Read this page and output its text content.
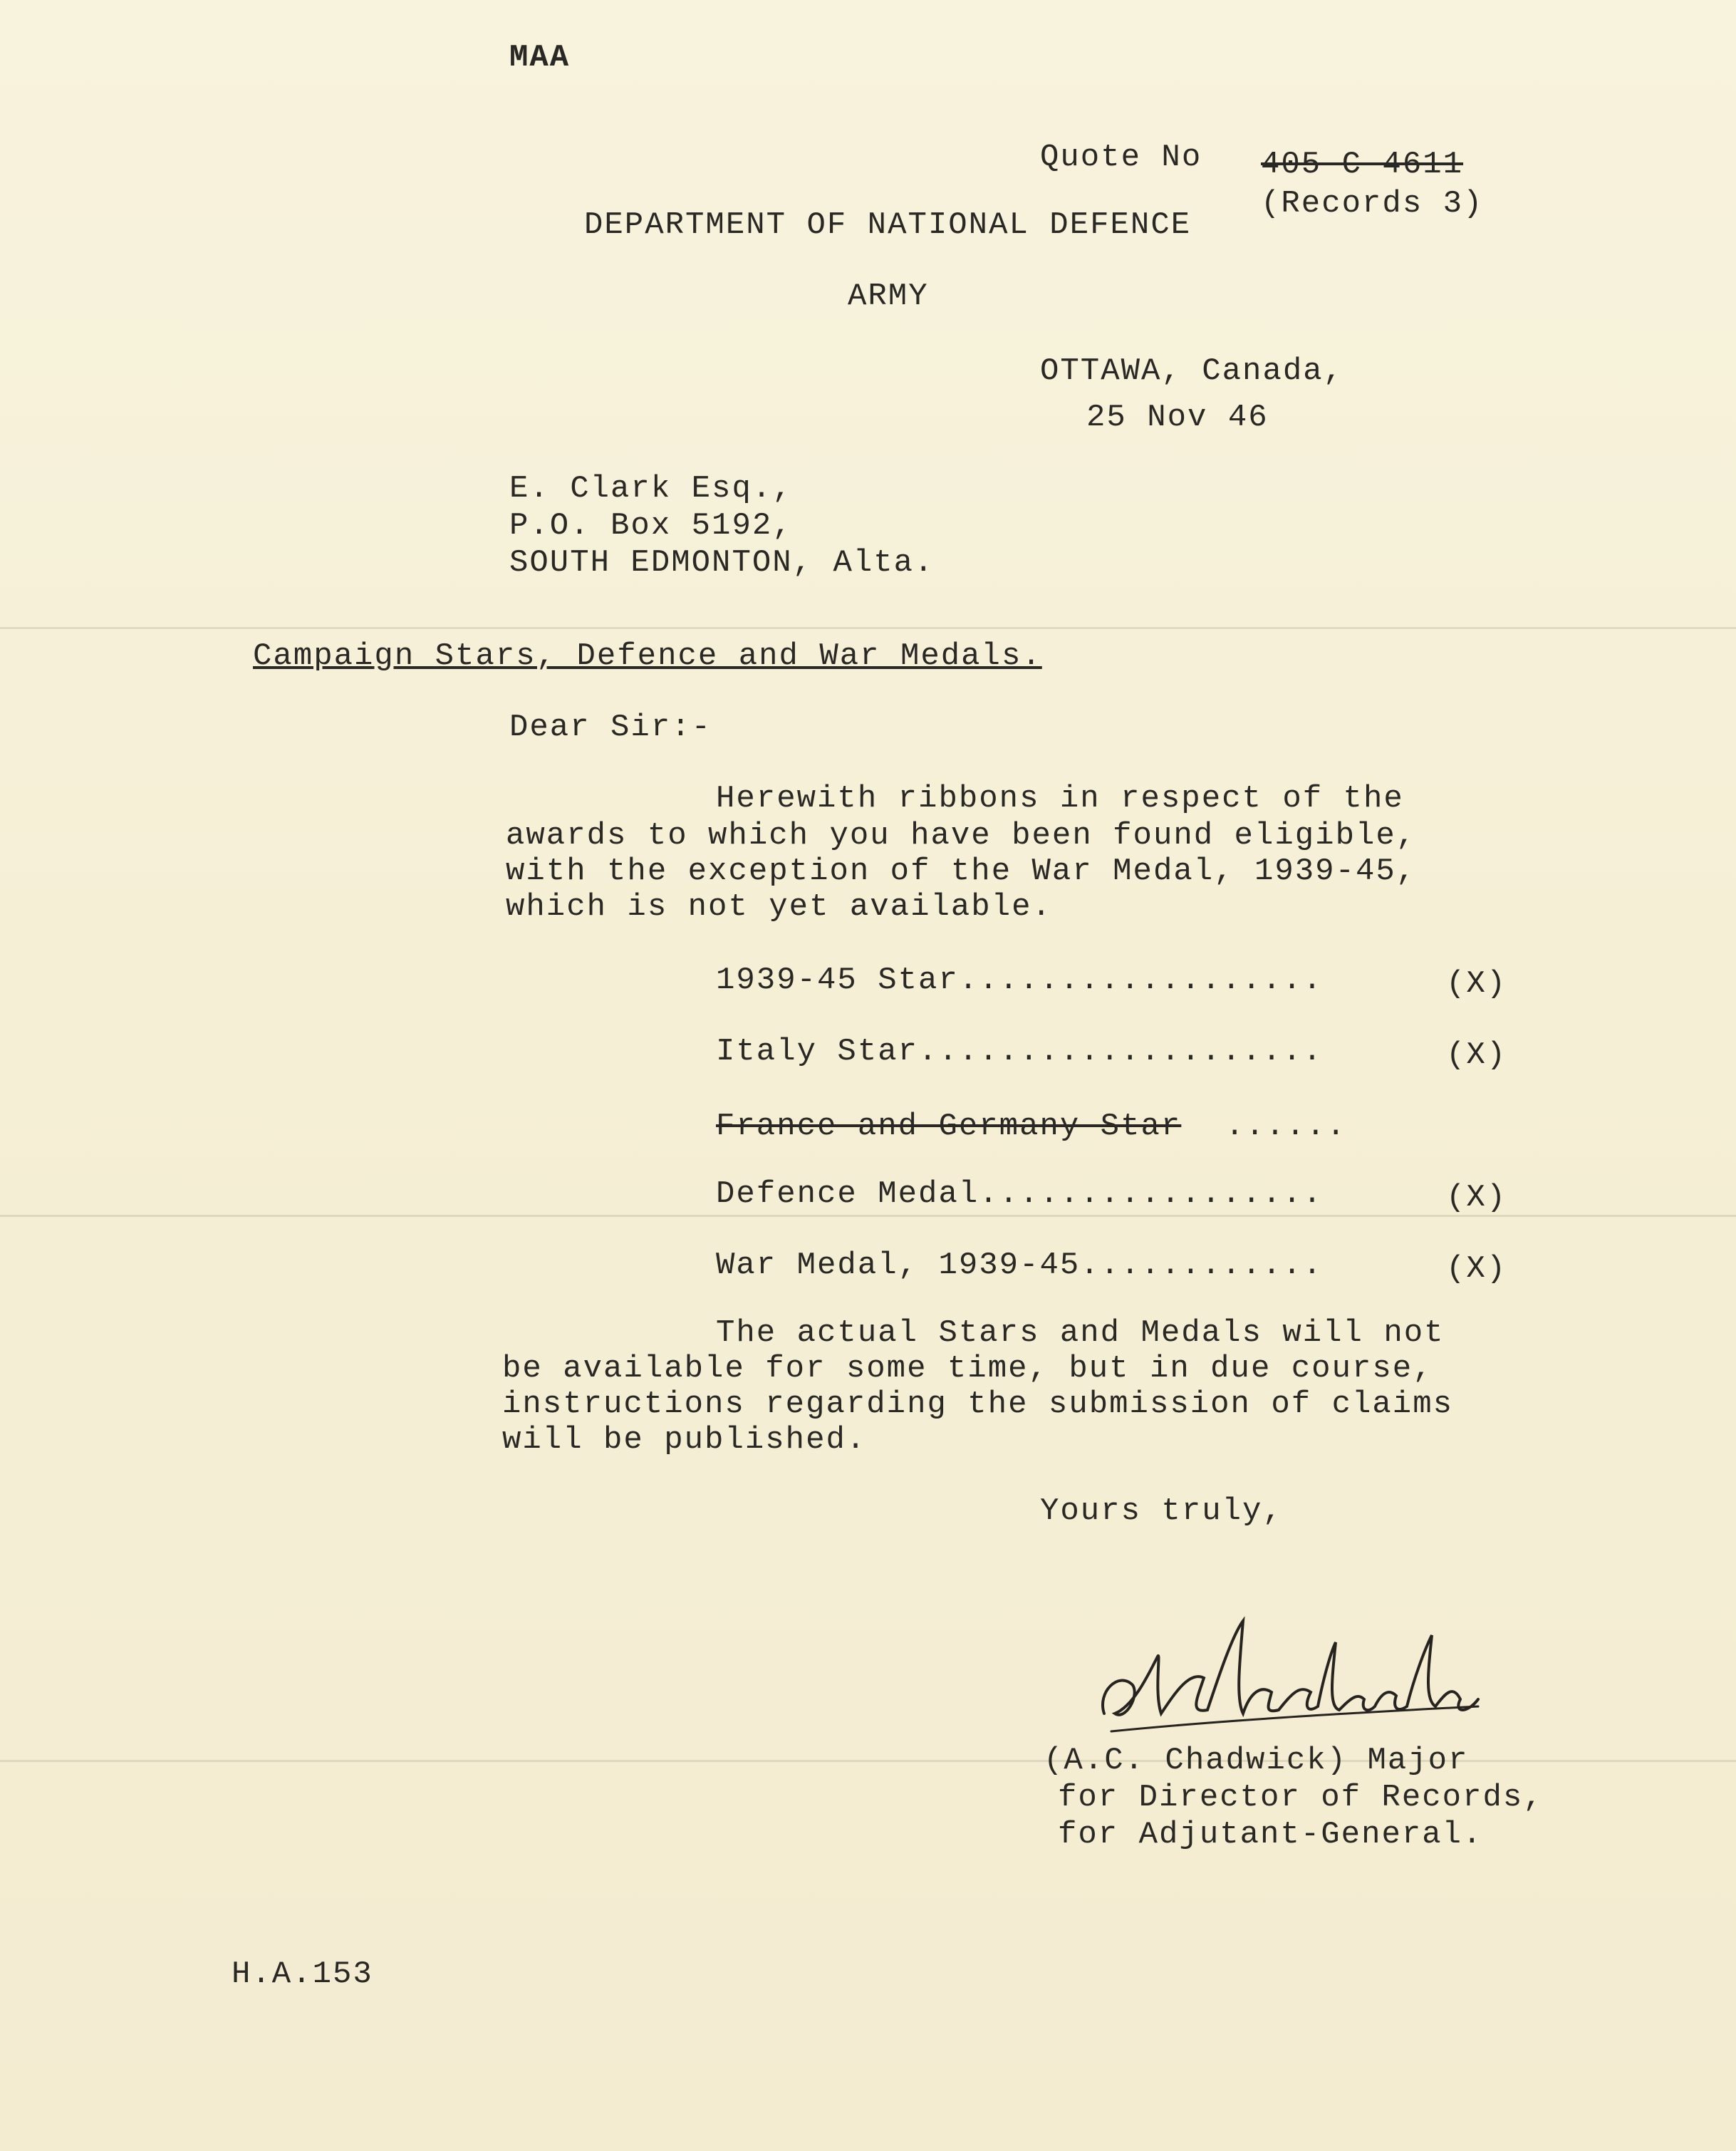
MAA
Quote No 405-C-4611
(Records 3)
DEPARTMENT OF NATIONAL DEFENCE
ARMY
OTTAWA, Canada,
25 Nov 46
E. Clark Esq.,
P.O. Box 5192,
SOUTH EDMONTON, Alta.
Campaign Stars, Defence and War Medals.
Dear Sir:-
Herewith ribbons in respect of the
awards to which you have been found eligible,
with the exception of the War Medal, 1939-45,
which is not yet available.
1939-45 Star..................	(X)
Italy Star....................	(X)
France and Germany Star ......
Defence Medal.................	(X)
War Medal, 1939-45............	(X)
The actual Stars and Medals will not
be available for some time, but in due course,
instructions regarding the submission of claims
will be published.
Yours truly,
(A.C. Chadwick) Major
for Director of Records,
for Adjutant-General.
H.A.153
